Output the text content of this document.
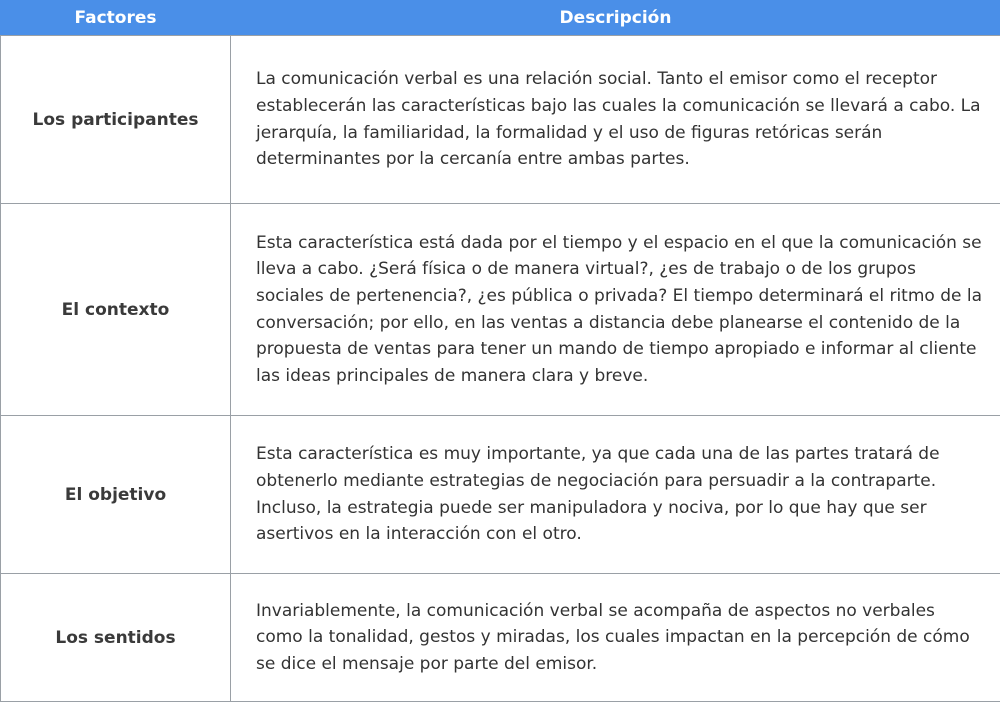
Factores	Descripción
Los participantes	La comunicación verbal es una relación social. Tanto el emisor como el receptor establecerán las características bajo las cuales la comunicación se llevará a cabo. La jerarquía, la familiaridad, la formalidad y el uso de figuras retóricas serán determinantes por la cercanía entre ambas partes.
El contexto	Esta característica está dada por el tiempo y el espacio en el que la comunicación se lleva a cabo. ¿Será física o de manera virtual?, ¿es de trabajo o de los grupos sociales de pertenencia?, ¿es pública o privada? El tiempo determinará el ritmo de la conversación; por ello, en las ventas a distancia debe planearse el contenido de la propuesta de ventas para tener un mando de tiempo apropiado e informar al cliente las ideas principales de manera clara y breve.
El objetivo	Esta característica es muy importante, ya que cada una de las partes tratará de obtenerlo mediante estrategias de negociación para persuadir a la contraparte. Incluso, la estrategia puede ser manipuladora y nociva, por lo que hay que ser asertivos en la interacción con el otro.
Los sentidos	Invariablemente, la comunicación verbal se acompaña de aspectos no verbales como la tonalidad, gestos y miradas, los cuales impactan en la percepción de cómo se dice el mensaje por parte del emisor.
